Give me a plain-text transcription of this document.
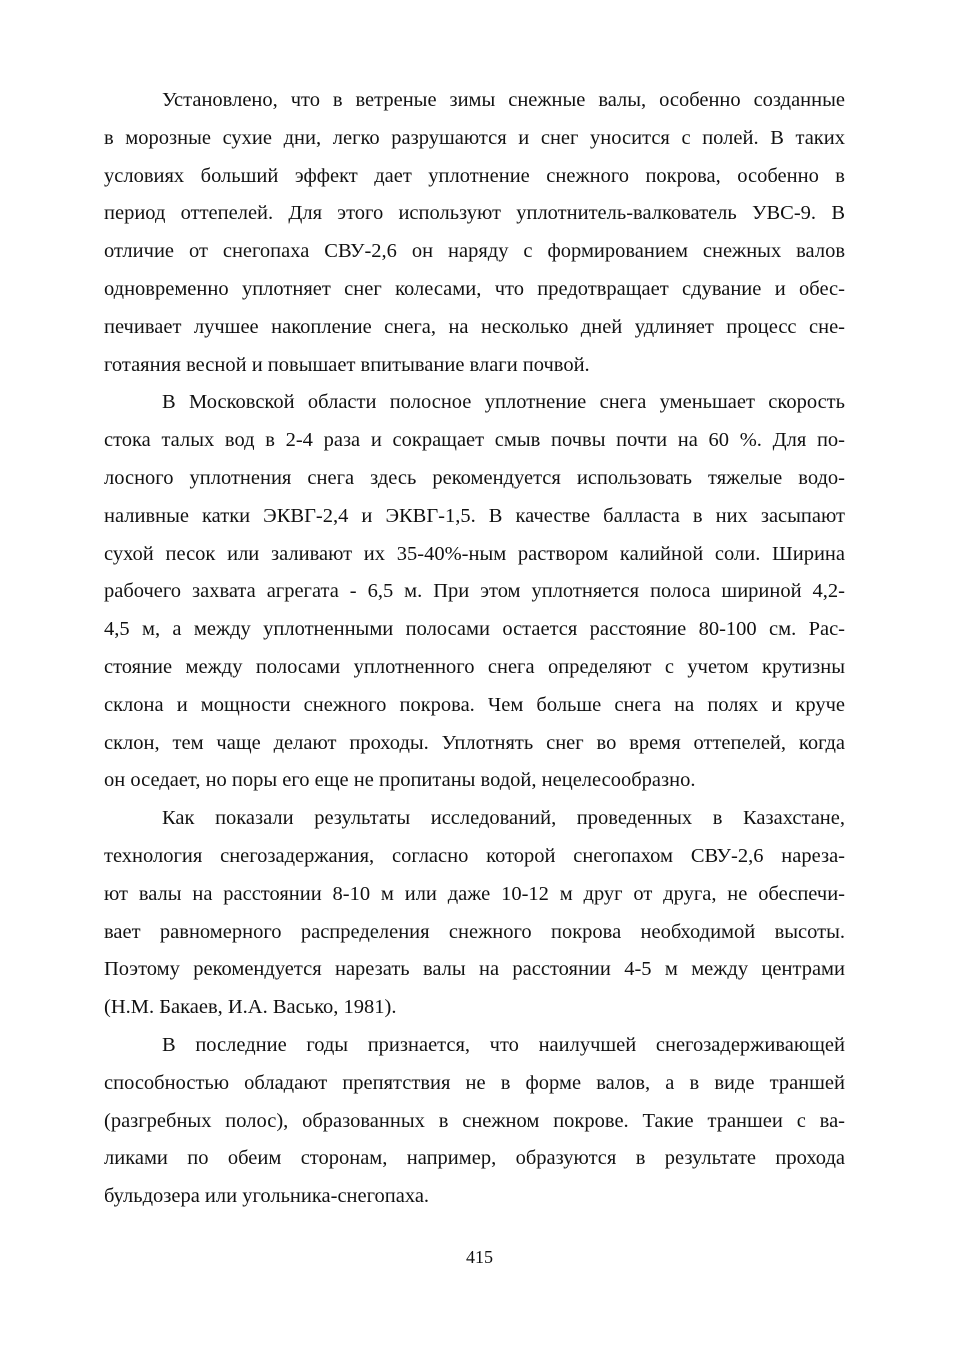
Установлено, что в ветреные зимы снежные валы, особенно созданные
в морозные сухие дни, легко разрушаются и снег уносится с полей. В таких
условиях больший эффект дает уплотнение снежного покрова, особенно в
период оттепелей. Для этого используют уплотнитель-валкователь УВС-9. В
отличие от снегопаха СВУ-2,6 он наряду с формированием снежных валов
одновременно уплотняет снег колесами, что предотвращает сдувание и обес-
печивает лучшее накопление снега, на несколько дней удлиняет процесс сне-
готаяния весной и повышает впитывание влаги почвой.
В Московской области полосное уплотнение снега уменьшает скорость
стока талых вод в 2-4 раза и сокращает смыв почвы почти на 60 %. Для по-
лосного уплотнения снега здесь рекомендуется использовать тяжелые водо-
наливные катки ЭКВГ-2,4 и ЭКВГ-1,5. В качестве балласта в них засыпают
сухой песок или заливают их 35-40%-ным раствором калийной соли. Ширина
рабочего захвата агрегата - 6,5 м. При этом уплотняется полоса шириной 4,2-
4,5 м, а между уплотненными полосами остается расстояние 80-100 см. Рас-
стояние между полосами уплотненного снега определяют с учетом крутизны
склона и мощности снежного покрова. Чем больше снега на полях и круче
склон, тем чаще делают проходы. Уплотнять снег во время оттепелей, когда
он оседает, но поры его еще не пропитаны водой, нецелесообразно.
Как показали результаты исследований, проведенных в Казахстане,
технология снегозадержания, согласно которой снегопахом СВУ-2,6 нареза-
ют валы на расстоянии 8-10 м или даже 10-12 м друг от друга, не обеспечи-
вает равномерного распределения снежного покрова необходимой высоты.
Поэтому рекомендуется нарезать валы на расстоянии 4-5 м между центрами
(Н.М. Бакаев, И.А. Васько, 1981).
В последние годы признается, что наилучшей снегозадерживающей
способностью обладают препятствия не в форме валов, а в виде траншей
(разгребных полос), образованных в снежном покрове. Такие траншеи с ва-
ликами по обеим сторонам, например, образуются в результате прохода
бульдозера или угольника-снегопаха.
415
